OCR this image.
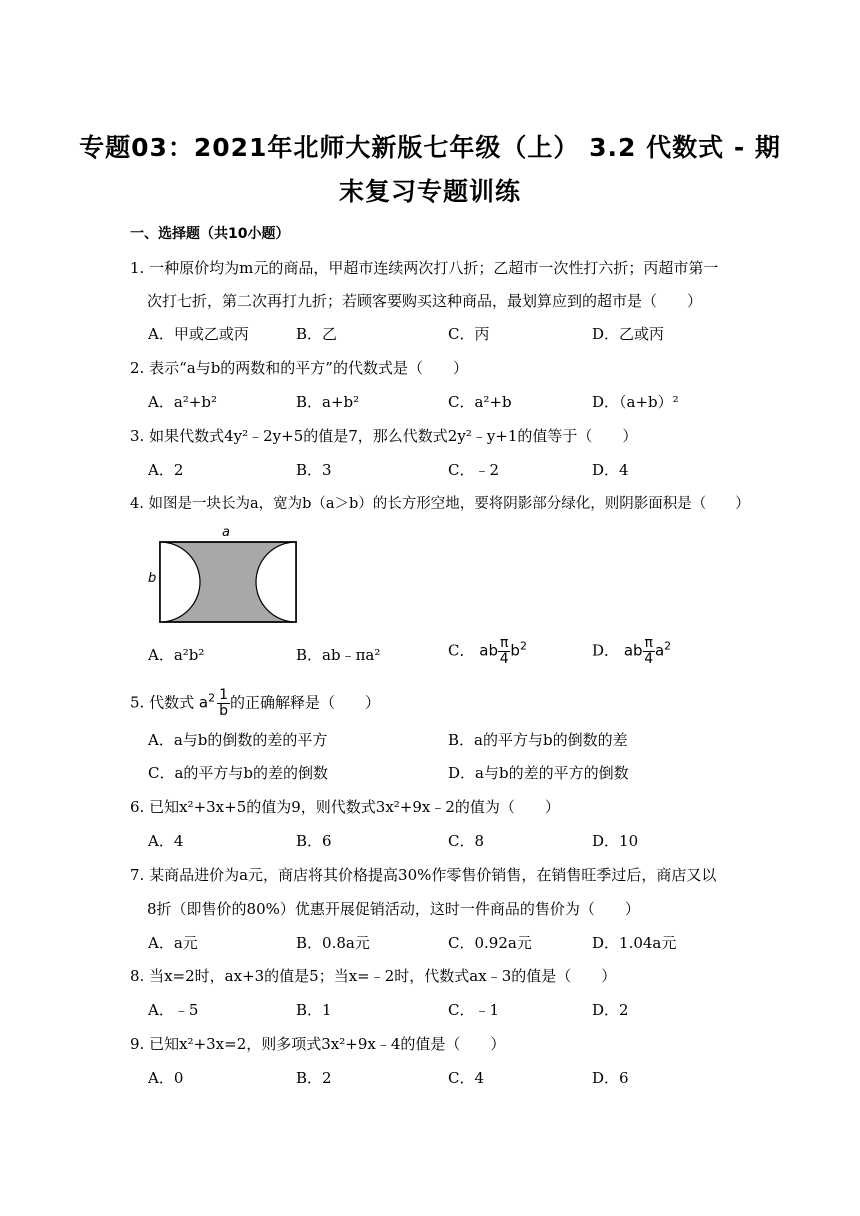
专题03：2021年北师大新版七年级（上） 3.2 代数式 - 期
末复习专题训练
一、选择题（共10小题）
1. 一种原价均为m元的商品，甲超市连续两次打八折；乙超市一次性打六折；丙超市第一
次打七折，第二次再打九折；若顾客要购买这种商品，最划算应到的超市是（　　）
A．甲或乙或丙	B．乙	C．丙	D．乙或丙
2. 表示“a与b的两数和的平方”的代数式是（　　）
A．a²+b²	B．a+b²	C．a²+b	D．（a+b）²
3. 如果代数式4y²﹣2y+5的值是7，那么代数式2y²﹣y+1的值等于（　　）
A．2	B．3	C．﹣2	D．4
4. 如图是一块长为a，宽为b（a＞b）的长方形空地，要将阴影部分绿化，则阴影面积是（　　）
a
b
A．a²b²	B．ab﹣πa²	C． ab $\frac{\pi}{4} b^2$	D． ab $\frac{\pi}{4} a^2$
5. 代数式 $a^2 \frac{1}{b}$ 的正确解释是（　　）
A．a与b的倒数的差的平方	B．a的平方与b的倒数的差
C．a的平方与b的差的倒数	D．a与b的差的平方的倒数
6. 已知x²+3x+5的值为9，则代数式3x²+9x﹣2的值为（　　）
A．4	B．6	C．8	D．10
7. 某商品进价为a元，商店将其价格提高30%作零售价销售，在销售旺季过后，商店又以
8折（即售价的80%）优惠开展促销活动，这时一件商品的售价为（　　）
A．a元	B．0.8a元	C．0.92a元	D．1.04a元
8. 当x=2时，ax+3的值是5；当x=﹣2时，代数式ax﹣3的值是（　　）
A．﹣5	B．1	C．﹣1	D．2
9. 已知x²+3x=2，则多项式3x²+9x﹣4的值是（　　）
A．0	B．2	C．4	D．6
